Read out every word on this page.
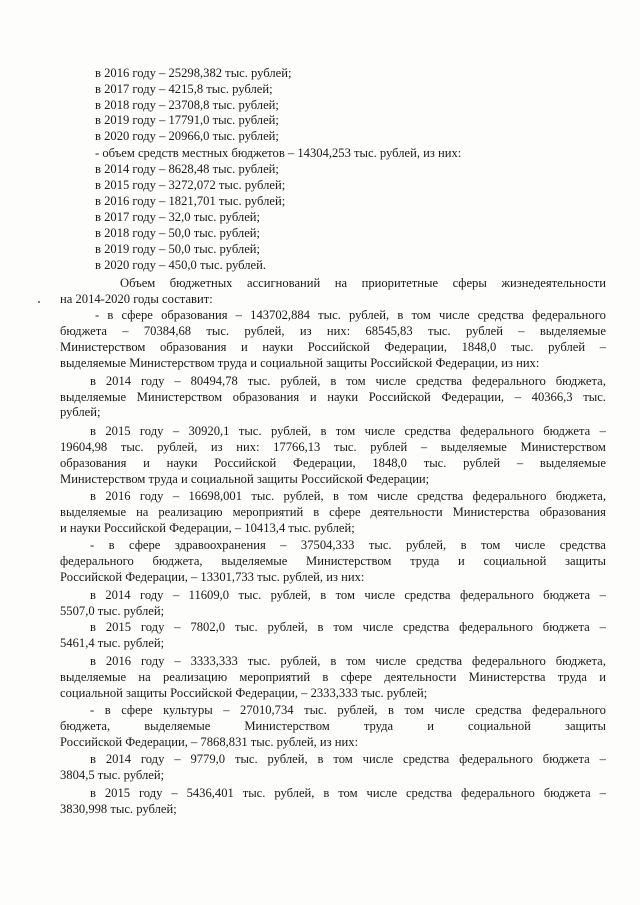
в 2016 году – 25298,382 тыс. рублей;
в 2017 году – 4215,8 тыс. рублей;
в 2018 году – 23708,8 тыс. рублей;
в 2019 году – 17791,0 тыс. рублей;
в 2020 году – 20966,0 тыс. рублей;
- объем средств местных бюджетов – 14304,253 тыс. рублей, из них:
в 2014 году – 8628,48 тыс. рублей;
в 2015 году – 3272,072 тыс. рублей;
в 2016 году – 1821,701 тыс. рублей;
в 2017 году – 32,0 тыс. рублей;
в 2018 году – 50,0 тыс. рублей;
в 2019 году – 50,0 тыс. рублей;
в 2020 году – 450,0 тыс. рублей.
Объем бюджетных ассигнований на приоритетные сферы жизнедеятельности
на 2014-2020 годы составит:
- в сфере образования – 143702,884 тыс. рублей, в том числе средства федерального
бюджета – 70384,68 тыс. рублей, из них: 68545,83 тыс. рублей – выделяемые
Министерством образования и науки Российской Федерации, 1848,0 тыс. рублей –
выделяемые Министерством труда и социальной защиты Российской Федерации, из них:
в 2014 году – 80494,78 тыс. рублей, в том числе средства федерального бюджета,
выделяемые Министерством образования и науки Российской Федерации, – 40366,3 тыс.
рублей;
в 2015 году – 30920,1 тыс. рублей, в том числе средства федерального бюджета –
19604,98 тыс. рублей, из них: 17766,13 тыс. рублей – выделяемые Министерством
образования и науки Российской Федерации, 1848,0 тыс. рублей – выделяемые
Министерством труда и социальной защиты Российской Федерации;
в 2016 году – 16698,001 тыс. рублей, в том числе средства федерального бюджета,
выделяемые на реализацию мероприятий в сфере деятельности Министерства образования
и науки Российской Федерации, – 10413,4 тыс. рублей;
- в сфере здравоохранения – 37504,333 тыс. рублей, в том числе средства
федерального бюджета, выделяемые Министерством труда и социальной защиты
Российской Федерации, – 13301,733 тыс. рублей, из них:
в 2014 году – 11609,0 тыс. рублей, в том числе средства федерального бюджета –
5507,0 тыс. рублей;
в 2015 году – 7802,0 тыс. рублей, в том числе средства федерального бюджета –
5461,4 тыс. рублей;
в 2016 году – 3333,333 тыс. рублей, в том числе средства федерального бюджета,
выделяемые на реализацию мероприятий в сфере деятельности Министерства труда и
социальной защиты Российской Федерации, – 2333,333 тыс. рублей;
- в сфере культуры – 27010,734 тыс. рублей, в том числе средства федерального
бюджета,	выделяемые	Министерством	труда	и	социальной	защиты
Российской Федерации, – 7868,831 тыс. рублей, из них:
в 2014 году – 9779,0 тыс. рублей, в том числе средства федерального бюджета –
3804,5 тыс. рублей;
в 2015 году – 5436,401 тыс. рублей, в том числе средства федерального бюджета –
3830,998 тыс. рублей;
